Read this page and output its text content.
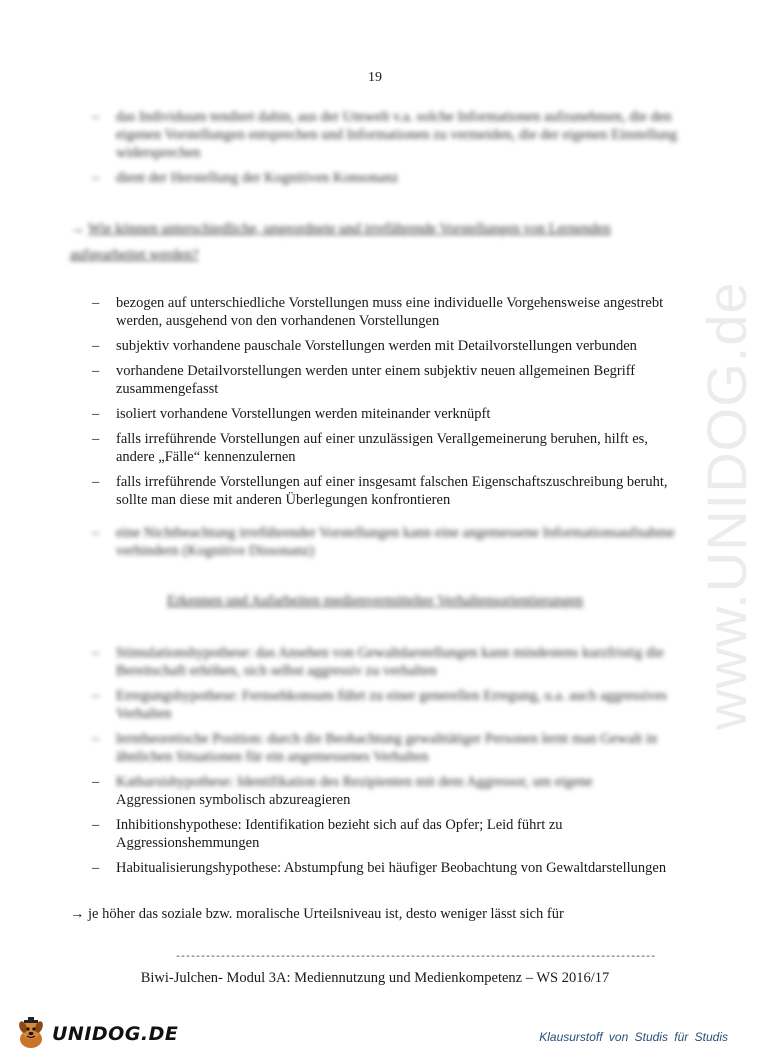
19
– das Individuum tendiert dahin, aus der Umwelt v.a. solche Informationen aufzunehmen, die den eigenen Vorstellungen entsprechen und Informationen zu vermeiden, die der eigenen Einstellung widersprechen
– dient der Herstellung der Kognitiven Konsonanz
→ Wie können unterschiedliche, ungeordnete und irreführende Vorstellungen von Lernenden aufgearbeitet werden?
– bezogen auf unterschiedliche Vorstellungen muss eine individuelle Vorgehensweise angestrebt werden, ausgehend von den vorhandenen Vorstellungen
– subjektiv vorhandene pauschale Vorstellungen werden mit Detailvorstellungen verbunden
– vorhandene Detailvorstellungen werden unter einem subjektiv neuen allgemeinen Begriff zusammengefasst
– isoliert vorhandene Vorstellungen werden miteinander verknüpft
– falls irreführende Vorstellungen auf einer unzulässigen Verallgemeinerung beruhen, hilft es, andere „Fälle“ kennenzulernen
– falls irreführende Vorstellungen auf einer insgesamt falschen Eigenschaftszuschreibung beruht, sollte man diese mit anderen Überlegungen konfrontieren
– eine Nichtbeachtung irreführender Vorstellungen kann eine angemessene Informationsaufnahme verhindern (Kognitive Dissonanz)
Erkennen und Aufarbeiten medienvermittelter Verhaltensorientierungen
– Stimulationshypothese: das Ansehen von Gewaltdarstellungen kann mindestens kurzfristig die Bereitschaft erhöhen, sich selbst aggressiv zu verhalten
– Erregungshypothese: Fernsehkonsum führt zu einer generellen Erregung, u.a. auch aggressives Verhalten
– lerntheoretische Position: durch die Beobachtung gewalttätiger Personen lernt man Gewalt in ähnlichen Situationen für ein angemessenes Verhalten
– Katharsishypothese: Identifikation des Rezipienten mit dem Aggressor, um eigene
Aggressionen symbolisch abzureagieren
– Inhibitionshypothese: Identifikation bezieht sich auf das Opfer; Leid führt zu Aggressionshemmungen
– Habitualisierungshypothese: Abstumpfung bei häufiger Beobachtung von Gewaltdarstellungen
→ je höher das soziale bzw. moralische Urteilsniveau ist, desto weniger lässt sich für
------------------------------------------------------------------------------------------------
Biwi-Julchen- Modul 3A: Mediennutzung und Medienkompetenz – WS 2016/17
www.UNIDOG.de
UNIDOG.DE	Klausurstoff von Studis für Studis
